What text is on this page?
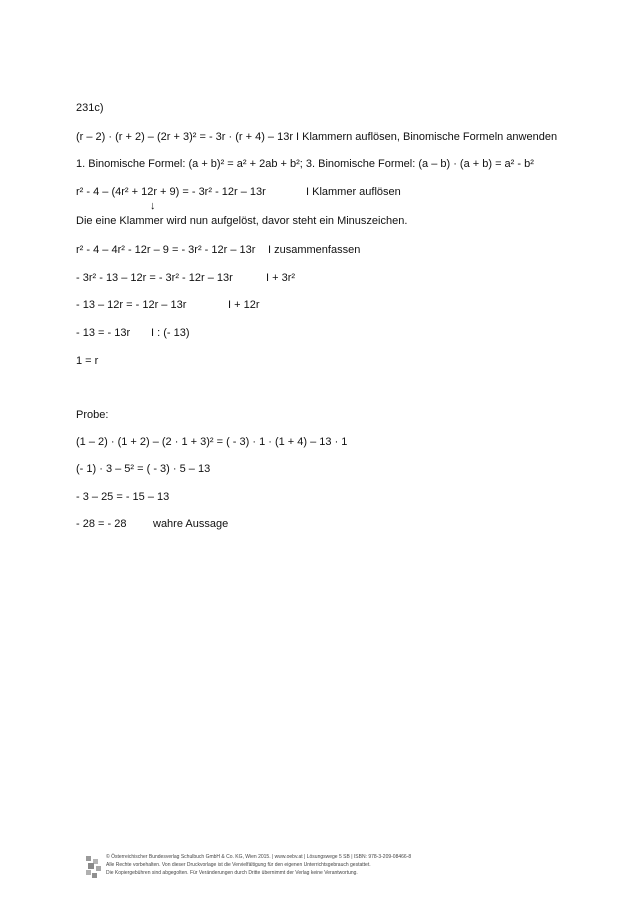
231c)
(r – 2) · (r + 2) – (2r + 3)² = - 3r · (r + 4) – 13r I Klammern auflösen, Binomische Formeln anwenden
1. Binomische Formel: (a + b)² = a² + 2ab + b²; 3. Binomische Formel: (a – b) · (a + b) = a² - b²
r² - 4 – (4r² + 12r + 9) = - 3r² - 12r – 13r	I Klammer auflösen
↓
Die eine Klammer wird nun aufgelöst, davor steht ein Minuszeichen.
r² - 4 – 4r² - 12r – 9 = - 3r² - 12r – 13r I zusammenfassen
- 3r² - 13 – 12r = - 3r² - 12r – 13r	I + 3r²
- 13 – 12r = - 12r – 13r	I + 12r
- 13 = - 13r I : (- 13)
1 = r
Probe:
(1 – 2) · (1 + 2) – (2 · 1 + 3)² = ( - 3) · 1 · (1 + 4) – 13 · 1
(- 1) · 3 – 5² = ( - 3) · 5 – 13
- 3 – 25 = - 15 – 13
- 28 = - 28 wahre Aussage
© Österreichischer Bundesverlag Schulbuch GmbH & Co. KG, Wien 2015. | www.oebv.at | Lösungswege 5 SB | ISBN: 978-3-209-08466-8
Alle Rechte vorbehalten. Von dieser Druckvorlage ist die Vervielfältigung für den eigenen Unterrichtsgebrauch gestattet.
Die Kopiergebühren sind abgegolten. Für Veränderungen durch Dritte übernimmt der Verlag keine Verantwortung.
